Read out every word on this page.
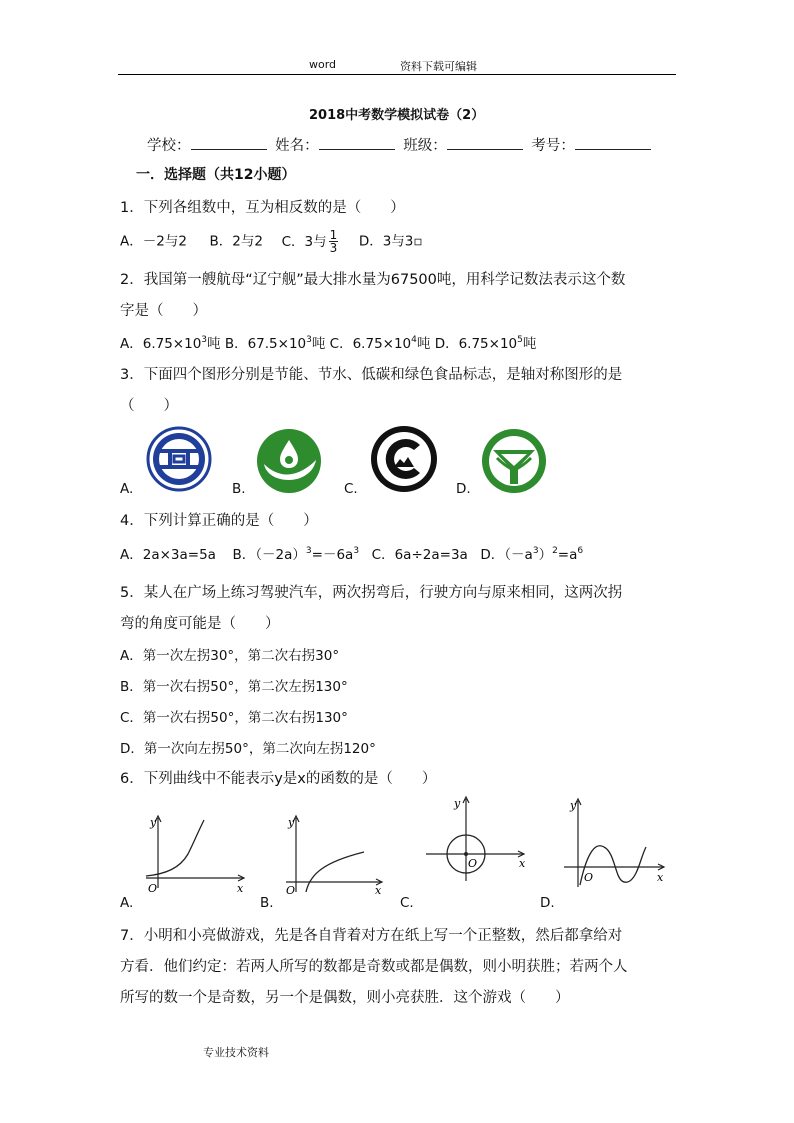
word	资料下载可编辑
2018中考数学模拟试卷（2）
学校：	姓名：	班级：	考号：
一．选择题（共12小题）
1．下列各组数中，互为相反数的是（　　）
A．－2与2 B．2与2 C．3与 $\frac{1}{3}$ D．3与3▫
2．我国第一艘航母“辽宁舰”最大排水量为67500吨，用科学记数法表示这个数
字是（　　）
A．$6.75\times 10^3$吨 B．$67.5\times 10^3$吨 C．$6.75\times 10^4$吨 D．$6.75\times 10^5$吨
3．下面四个图形分别是节能、节水、低碳和绿色食品标志，是轴对称图形的是
（　　）
A.	B.	C.	D.
4．下列计算正确的是（　　）
A．2a×3a=5a B．$(-2a)^3=-6a^3$ C．6a÷2a=3a D．$(-a^3)^2=a^6$
5．某人在广场上练习驾驶汽车，两次拐弯后，行驶方向与原来相同，这两次拐
弯的角度可能是（　　）
A．第一次左拐30°，第二次右拐30°
B．第一次右拐50°，第二次左拐130°
C．第一次右拐50°，第二次右拐130°
D．第一次向左拐50°，第二次向左拐120°
6．下列曲线中不能表示y是x的函数的是（　　）
A.	B.	C.	D.
y
x
O
y
x
O
y
x
O
y
x
O
7．小明和小亮做游戏，先是各自背着对方在纸上写一个正整数，然后都拿给对
方看．他们约定：若两人所写的数都是奇数或都是偶数，则小明获胜；若两个人
所写的数一个是奇数，另一个是偶数，则小亮获胜．这个游戏（　　）
专业技术资料
